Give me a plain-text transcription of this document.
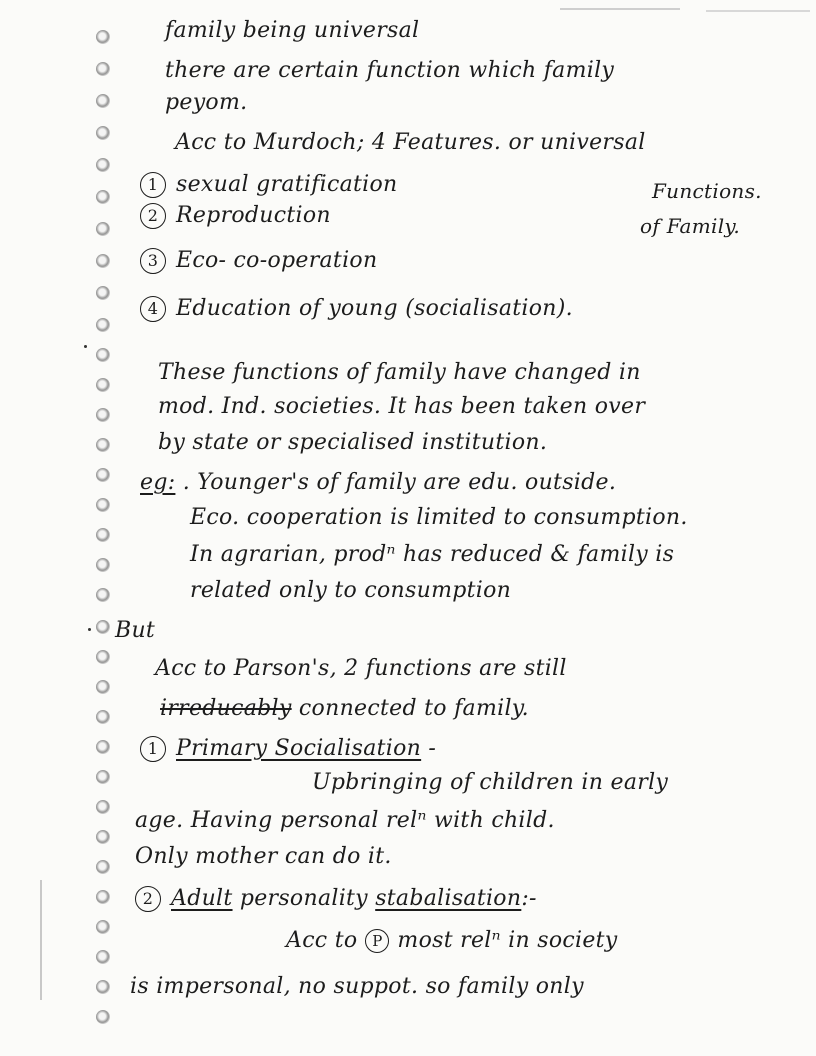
family being universal
there are certain function which family
peyom.
Acc to Murdoch; 4 Features. or universal
1 sexual gratification	Functions.
2 Reproduction	of Family.
3 Eco- co-operation
4 Education of young (socialisation).
These functions of family have changed in
mod. Ind. societies. It has been taken over
by state or specialised institution.
eg: . Younger's of family are edu. outside.
Eco. cooperation is limited to consumption.
In agrarian, prodⁿ has reduced & family is
related only to consumption
But
Acc to Parson's, 2 functions are still
irreducably connected to family.
1 Primary Socialisation -
Upbringing of children in early
age. Having personal relⁿ with child.
Only mother can do it.
2 Adult personality stabalisation:-
Acc to P most relⁿ in society
is impersonal, no suppot. so family only
